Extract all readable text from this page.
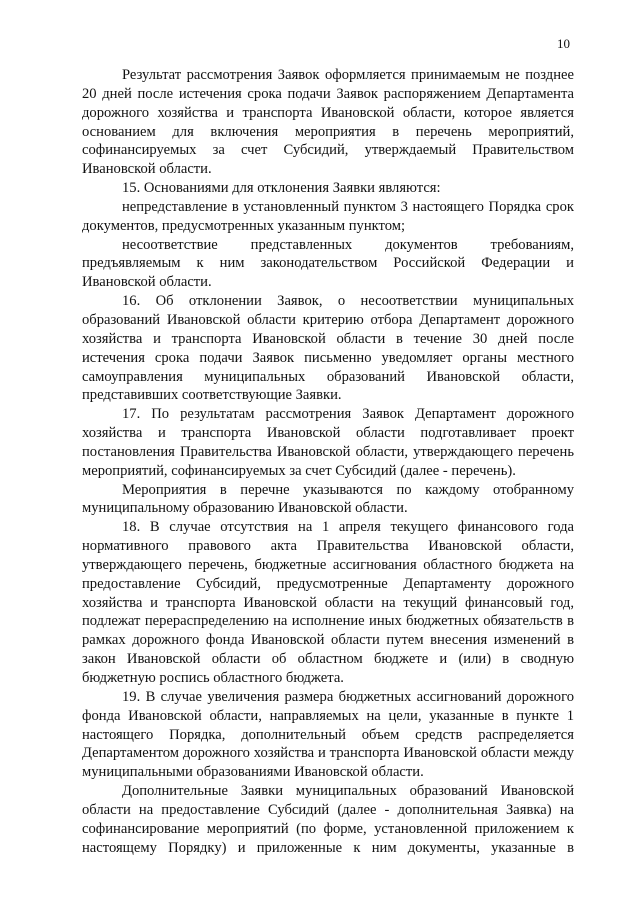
10

Результат рассмотрения Заявок оформляется принимаемым не позднее 20 дней после истечения срока подачи Заявок распоряжением Департамента дорожного хозяйства и транспорта Ивановской области, которое является основанием для включения мероприятия в перечень мероприятий, софинансируемых за счет Субсидий, утверждаемый Правительством Ивановской области.

15. Основаниями для отклонения Заявки являются:

непредставление в установленный пунктом 3 настоящего Порядка срок документов, предусмотренных указанным пунктом;

несоответствие представленных документов требованиям, предъявляемым к ним законодательством Российской Федерации и Ивановской области.

16. Об отклонении Заявок, о несоответствии муниципальных образований Ивановской области критерию отбора Департамент дорожного хозяйства и транспорта Ивановской области в течение 30 дней после истечения срока подачи Заявок письменно уведомляет органы местного самоуправления муниципальных образований Ивановской области, представивших соответствующие Заявки.

17. По результатам рассмотрения Заявок Департамент дорожного хозяйства и транспорта Ивановской области подготавливает проект постановления Правительства Ивановской области, утверждающего перечень мероприятий, софинансируемых за счет Субсидий (далее - перечень).

Мероприятия в перечне указываются по каждому отобранному муниципальному образованию Ивановской области.

18. В случае отсутствия на 1 апреля текущего финансового года нормативного правового акта Правительства Ивановской области, утверждающего перечень, бюджетные ассигнования областного бюджета на предоставление Субсидий, предусмотренные Департаменту дорожного хозяйства и транспорта Ивановской области на текущий финансовый год, подлежат перераспределению на исполнение иных бюджетных обязательств в рамках дорожного фонда Ивановской области путем внесения изменений в закон Ивановской области об областном бюджете и (или) в сводную бюджетную роспись областного бюджета.

19. В случае увеличения размера бюджетных ассигнований дорожного фонда Ивановской области, направляемых на цели, указанные в пункте 1 настоящего Порядка, дополнительный объем средств распределяется Департаментом дорожного хозяйства и транспорта Ивановской области между муниципальными образованиями Ивановской области.

Дополнительные Заявки муниципальных образований Ивановской области на предоставление Субсидий (далее - дополнительная Заявка) на софинансирование мероприятий (по форме, установленной приложением к настоящему Порядку) и приложенные к ним документы, указанные в
